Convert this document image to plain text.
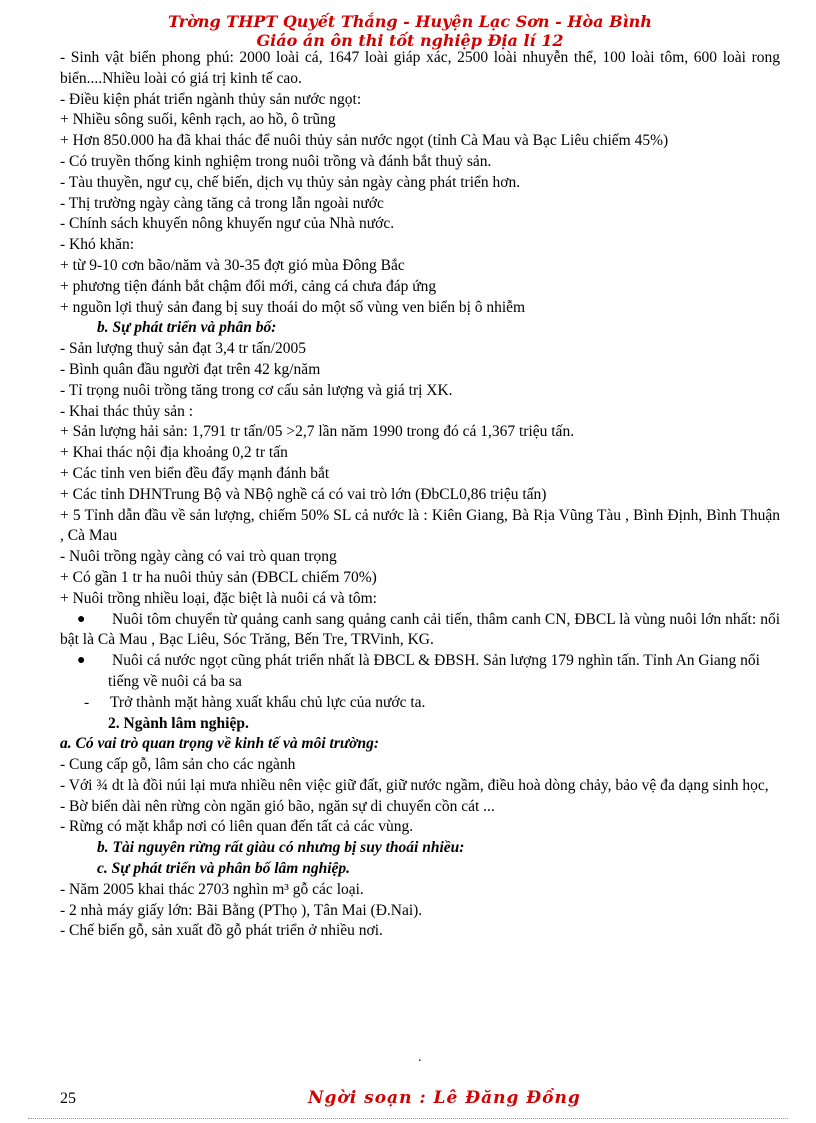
Trờng THPT Quyết Thắng - Huyện Lạc Sơn - Hòa Bình
Giáo án ôn thi tốt nghiệp Địa lí 12

- Sinh vật biển phong phú: 2000 loài cá, 1647 loài giáp xác, 2500 loài nhuyễn thể, 100 loài tôm, 600 loài rong biển....Nhiều loài có giá trị kinh tế cao.

- Điều kiện phát triển ngành thủy sản nước ngọt:

+ Nhiều sông suối, kênh rạch, ao hồ, ô trũng

+ Hơn 850.000 ha đã khai thác để nuôi thủy sản nước ngọt (tỉnh Cà Mau và Bạc Liêu chiếm 45%)

- Có truyền thống kinh nghiệm trong nuôi trồng và đánh bắt thuỷ sản.

- Tàu thuyền, ngư cụ, chế biến, dịch vụ thủy sản ngày càng phát triển hơn.

- Thị trường ngày càng tăng cả trong lẫn ngoài nước

- Chính sách khuyến nông khuyến ngư của Nhà nước.

- Khó khăn:

+ từ 9-10 cơn bão/năm và 30-35 đợt gió mùa Đông Bắc

+ phương tiện đánh bắt chậm đổi mới, cảng cá chưa đáp ứng

+ nguồn lợi thuỷ sản đang bị suy thoái do một số vùng ven biển bị ô nhiễm

b. Sự phát triển và phân bố:

- Sản lượng thuỷ sản đạt 3,4 tr tấn/2005

- Bình quân đầu người đạt trên 42 kg/năm

- Tỉ trọng nuôi trồng tăng trong cơ cấu sản lượng và giá trị XK.

- Khai thác thủy sản :

+ Sản lượng hải sản: 1,791 tr tấn/05 >2,7 lần năm 1990 trong đó cá 1,367 triệu tấn.

+ Khai thác nội địa khoảng 0,2 tr tấn

+ Các tỉnh ven biển đều đẩy mạnh đánh bắt

+ Các tỉnh DHNTrung Bộ và NBộ nghề cá có vai trò lớn (ĐbCL0,86 triệu tấn)

+ 5 Tỉnh dẫn đầu về sản lượng, chiếm 50% SL cả nước là : Kiên Giang, Bà Rịa Vũng Tàu , Bình Định, Bình Thuận , Cà Mau

- Nuôi trồng ngày càng có vai trò quan trọng

+ Có gần 1 tr ha nuôi thủy sản (ĐBCL chiếm 70%)

+ Nuôi trồng nhiều loại, đặc biệt là nuôi cá và tôm:

●	Nuôi tôm chuyển từ quảng canh sang quảng canh cải tiến, thâm canh CN, ĐBCL là vùng nuôi lớn nhất: nổi bật là Cà Mau , Bạc Liêu, Sóc Trăng, Bến Tre, TRVinh, KG.

●	Nuôi cá nước ngọt cũng phát triển nhất là ĐBCL & ĐBSH. Sản lượng 179 nghìn tấn. Tỉnh An Giang nổi

tiếng về nuôi cá ba sa

- Trở thành mặt hàng xuất khẩu chủ lực của nước ta.

2. Ngành lâm nghiệp.

a. Có vai trò quan trọng về kinh tế và môi trường:

- Cung cấp gỗ, lâm sản cho các ngành

- Với ¾ dt là đồi núi lại mưa nhiều nên việc giữ đất, giữ nước ngầm, điều hoà dòng chảy, bảo vệ đa dạng sinh học,

- Bờ biển dài nên rừng còn ngăn gió bão, ngăn sự di chuyển cồn cát ...

- Rừng có mặt khắp nơi có liên quan đến tất cả các vùng.

b. Tài nguyên rừng rất giàu có nhưng bị suy thoái nhiều:

c. Sự phát triển và phân bố lâm nghiệp.

- Năm 2005 khai thác 2703 nghìn m³ gỗ các loại.

- 2 nhà máy giấy lớn: Bãi Bằng (PThọ ), Tân Mai (Đ.Nai).

- Chế biến gỗ, sản xuất đồ gỗ phát triển ở nhiều nơi.

.
25	Ngời soạn : Lê Đăng Đồng
